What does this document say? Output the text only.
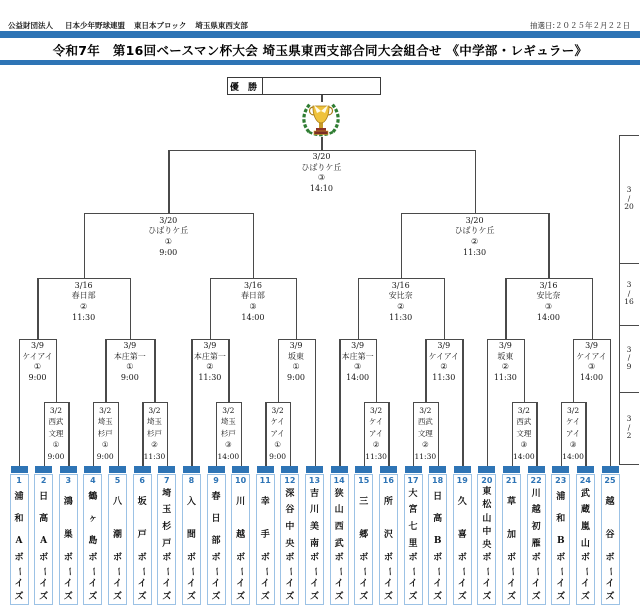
公益財団法人 日本少年野球連盟 東日本ブロック 埼玉県東西支部	抽選日:２０２５年２月２２日
令和7年　第16回ベースマン杯大会 埼玉県東西支部合同大会組合せ 《中学部・レギュラー》
優 勝
1
浦
和
A
ボ
ー
イ
ズ
2
日
高
A
ボ
ー
イ
ズ
3
鴻
巣
ボ
ー
イ
ズ
4
鶴
ヶ
島
ボ
ー
イ
ズ
5
八
潮
ボ
ー
イ
ズ
6
坂
戸
ボ
ー
イ
ズ
7
埼
玉
杉
戸
ボ
ー
イ
ズ
8
入
間
ボ
ー
イ
ズ
9
春
日
部
ボ
ー
イ
ズ
10
川
越
ボ
ー
イ
ズ
11
幸
手
ボ
ー
イ
ズ
12
深
谷
中
央
ボ
ー
イ
ズ
13
吉
川
美
南
ボ
ー
イ
ズ
14
狭
山
西
武
ボ
ー
イ
ズ
15
三
郷
ボ
ー
イ
ズ
16
所
沢
ボ
ー
イ
ズ
17
大
宮
七
里
ボ
ー
イ
ズ
18
日
高
B
ボ
ー
イ
ズ
19
久
喜
ボ
ー
イ
ズ
20
東
松
山
中
央
ボ
ー
イ
ズ
21
草
加
ボ
ー
イ
ズ
22
川
越
初
雁
ボ
ー
イ
ズ
23
浦
和
B
ボ
ー
イ
ズ
24
武
蔵
嵐
山
ボ
ー
イ
ズ
25
越
谷
ボ
ー
イ
ズ
3/2
西武
文理
①
9:00
3/2
埼玉
杉戸
①
9:00
3/2
埼玉
杉戸
②
11:30
3/2
埼玉
杉戸
③
14:00
3/2
ケイ
アイ
①
9:00
3/2
ケイ
アイ
②
11:30
3/2
西武
文理
②
11:30
3/2
西武
文理
③
14:00
3/2
ケイ
アイ
③
14:00
3/9
ケイアイ
①
9:00
3/9
本庄第一
①
9:00
3/9
本庄第一
②
11:30
3/9
坂東
①
9:00
3/9
本庄第一
③
14:00
3/9
ケイアイ
②
11:30
3/9
坂東
②
11:30
3/9
ケイアイ
③
14:00
3/16
春日部
②
11:30
3/16
春日部
③
14:00
3/16
安比奈
②
11:30
3/16
安比奈
③
14:00
3/20
ひばりケ丘
①
9:00
3/20
ひばりケ丘
②
11:30
3/20
ひばりケ丘
③
14:10	3
/
20
3
/
16
3
/
9
3
/
2
